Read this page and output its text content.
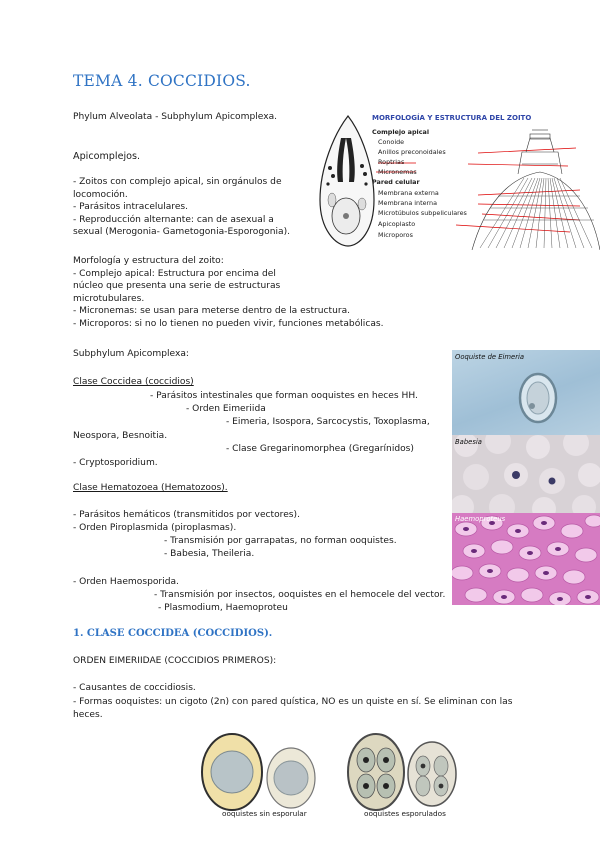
TEMA 4. COCCIDIOS.
Phylum Alveolata - Subphylum Apicomplexa.
Apicomplejos.
- Zoitos con complejo apical, sin orgánulos de
locomoción.
- Parásitos intracelulares.
- Reproducción alternante: can de asexual a
sexual (Merogonia- Gametogonia-Esporogonia).
Morfología y estructura del zoito:
- Complejo apical: Estructura por encima del
núcleo que presenta una serie de estructuras
microtubulares.
- Micronemas: se usan para meterse dentro de la estructura.
- Microporos: si no lo tienen no pueden vivir, funciones metabólicas.
MORFOLOGÍA Y ESTRUCTURA DEL ZOITO
Complejo apical
Conoide
Anillos preconoidales
Roptrias
Micronemas
Pared celular
Membrana externa
Membrana interna
Microtúbulos subpeliculares
Apicoplasto
Microporos
Subphylum Apicomplexa:
Clase Coccidea (coccidios)
- Parásitos intestinales que forman ooquistes en heces HH.
- Orden Eimeriida
- Eimeria, Isospora, Sarcocystis, Toxoplasma,
Neospora, Besnoitia.
- Clase Gregarinomorphea (Gregarínidos)
- Cryptosporidium.
Clase Hematozoea (Hematozoos).
- Parásitos hemáticos (transmitidos por vectores).
- Orden Piroplasmida (piroplasmas).
- Transmisión por garrapatas, no forman ooquistes.
- Babesia, Theileria.
- Orden Haemosporida.
- Transmisión por insectos, ooquistes en el hemocele del vector.
- Plasmodium, Haemoproteu
Ooquiste de Eimeria
Babesia
Haemoproteus
1. CLASE COCCIDEA (COCCIDIOS).
ORDEN EIMERIIDAE (COCCIDIOS PRIMEROS):
- Causantes de coccidiosis.
- Formas ooquistes: un cigoto (2n) con pared quística, NO es un quiste en sí. Se eliminan con las
heces.
ooquistes sin esporular	ooquistes esporulados
